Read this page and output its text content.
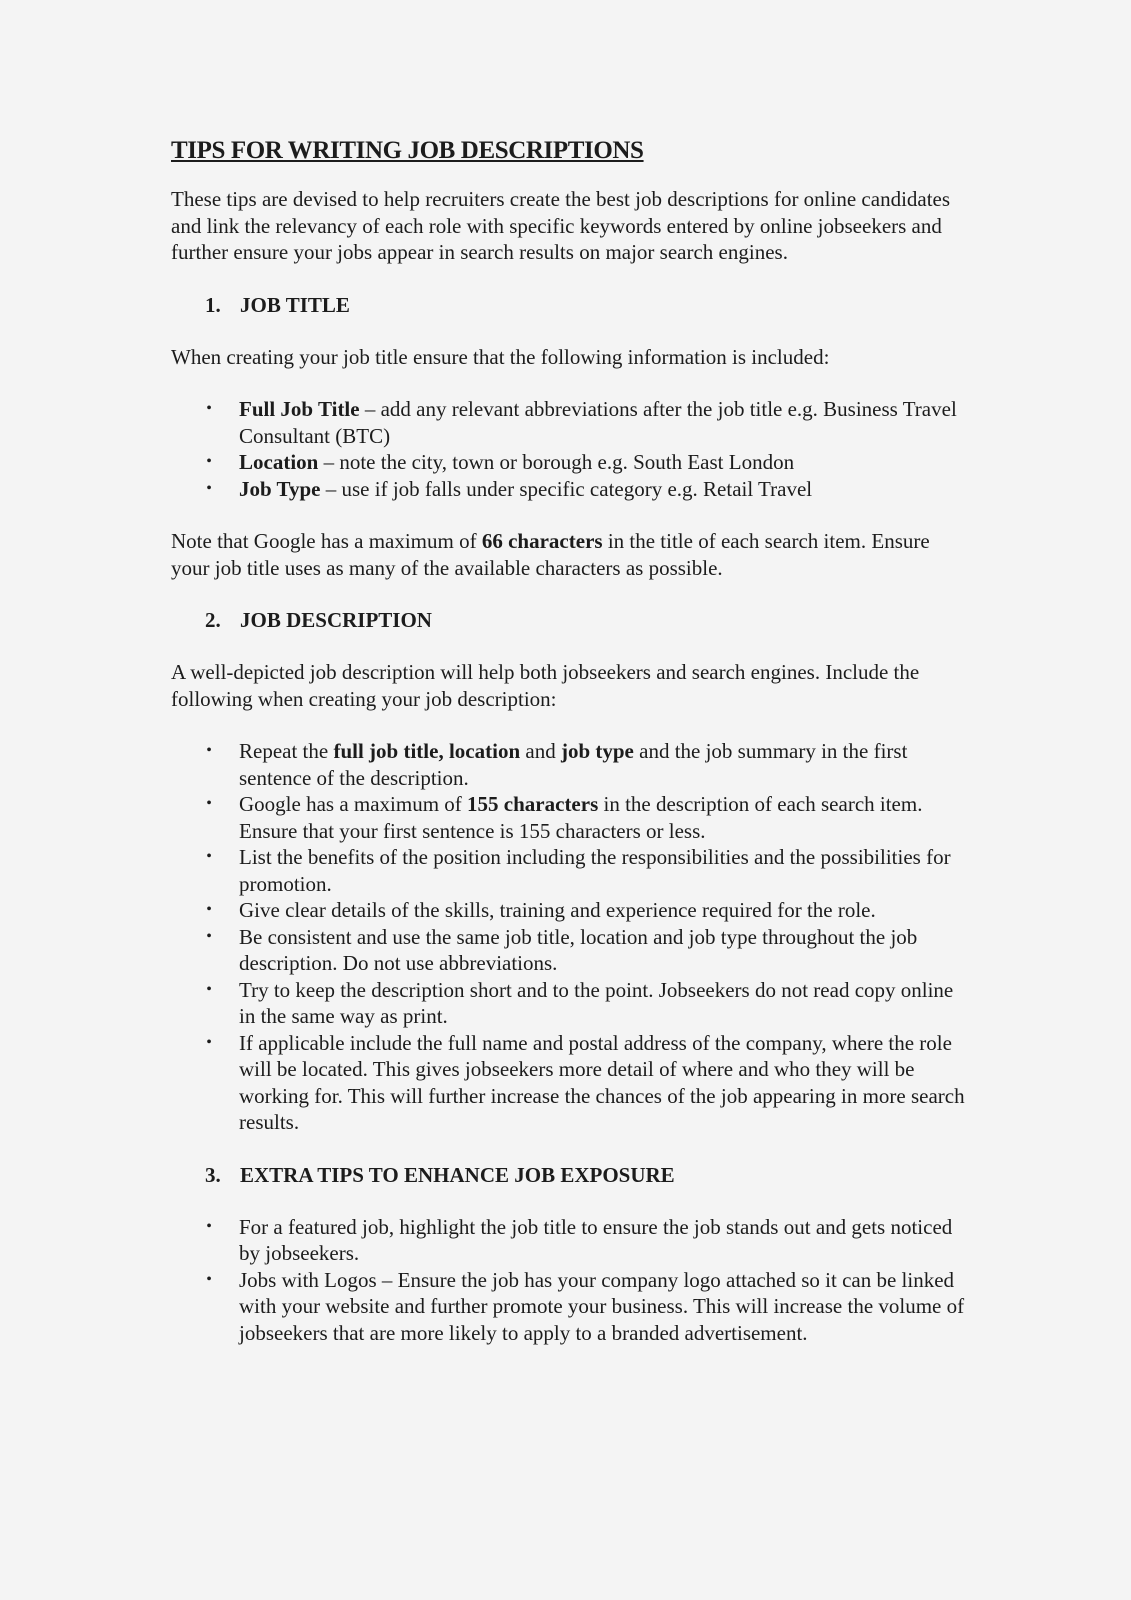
TIPS FOR WRITING JOB DESCRIPTIONS

These tips are devised to help recruiters create the best job descriptions for online candidates and link the relevancy of each role with specific keywords entered by online jobseekers and further ensure your jobs appear in search results on major search engines.

1. JOB TITLE

When creating your job title ensure that the following information is included:

• Full Job Title – add any relevant abbreviations after the job title e.g. Business Travel Consultant (BTC)
• Location – note the city, town or borough e.g. South East London
• Job Type – use if job falls under specific category e.g. Retail Travel

Note that Google has a maximum of 66 characters in the title of each search item. Ensure your job title uses as many of the available characters as possible.

2. JOB DESCRIPTION

A well-depicted job description will help both jobseekers and search engines. Include the following when creating your job description:

• Repeat the full job title, location and job type and the job summary in the first sentence of the description.
• Google has a maximum of 155 characters in the description of each search item. Ensure that your first sentence is 155 characters or less.
• List the benefits of the position including the responsibilities and the possibilities for promotion.
• Give clear details of the skills, training and experience required for the role.
• Be consistent and use the same job title, location and job type throughout the job description. Do not use abbreviations.
• Try to keep the description short and to the point. Jobseekers do not read copy online in the same way as print.
• If applicable include the full name and postal address of the company, where the role will be located. This gives jobseekers more detail of where and who they will be working for. This will further increase the chances of the job appearing in more search results.
3. EXTRA TIPS TO ENHANCE JOB EXPOSURE
• For a featured job, highlight the job title to ensure the job stands out and gets noticed by jobseekers.
• Jobs with Logos – Ensure the job has your company logo attached so it can be linked with your website and further promote your business. This will increase the volume of jobseekers that are more likely to apply to a branded advertisement.
